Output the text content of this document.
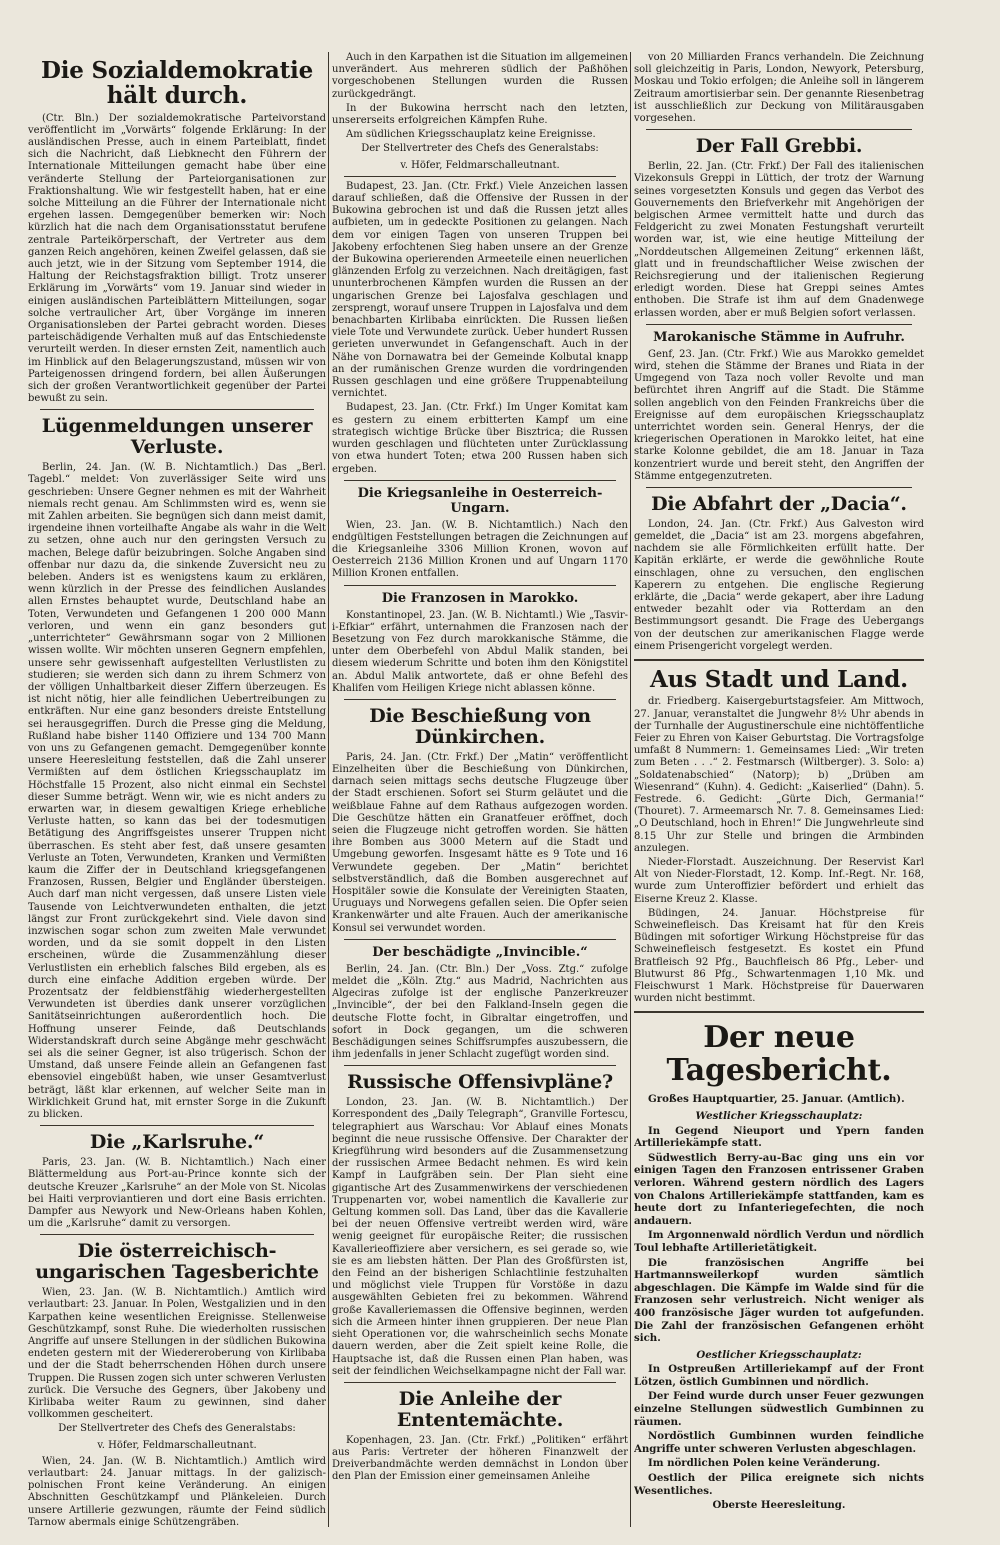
Die Sozialdemokratie hält durch.

(Ctr. Bln.) Der sozialdemokratische Parteivorstand veröffentlicht im „Vorwärts“ folgende Erklärung: In der ausländischen Presse, auch in einem Parteiblatt, findet sich die Nachricht, daß Liebknecht den Führern der Internationale Mitteilungen gemacht habe über eine veränderte Stellung der Parteiorganisationen zur Fraktionshaltung. Wie wir festgestellt haben, hat er eine solche Mitteilung an die Führer der Internationale nicht ergehen lassen. Demgegenüber bemerken wir: Noch kürzlich hat die nach dem Organisationsstatut berufene zentrale Parteikörperschaft, der Vertreter aus dem ganzen Reich angehören, keinen Zweifel gelassen, daß sie auch jetzt, wie in der Sitzung vom September 1914, die Haltung der Reichstagsfraktion billigt. Trotz unserer Erklärung im „Vorwärts“ vom 19. Januar sind wieder in einigen ausländischen Parteiblättern Mitteilungen, sogar solche vertraulicher Art, über Vorgänge im inneren Organisationsleben der Partei gebracht worden. Dieses parteischädigende Verhalten muß auf das Entschiedenste verurteilt werden. In dieser ernsten Zeit, namentlich auch im Hinblick auf den Belagerungszustand, müssen wir von Parteigenossen dringend fordern, bei allen Äußerungen sich der großen Verantwortlichkeit gegenüber der Partei bewußt zu sein.

Lügenmeldungen unserer Verluste.

Berlin, 24. Jan. (W. B. Nichtamtlich.) Das „Berl. Tagebl.“ meldet: Von zuverlässiger Seite wird uns geschrieben: Unsere Gegner nehmen es mit der Wahrheit niemals recht genau. Am Schlimmsten wird es, wenn sie mit Zahlen arbeiten. Sie begnügen sich dann meist damit, irgendeine ihnen vorteilhafte Angabe als wahr in die Welt zu setzen, ohne auch nur den geringsten Versuch zu machen, Belege dafür beizubringen. Solche Angaben sind offenbar nur dazu da, die sinkende Zuversicht neu zu beleben. Anders ist es wenigstens kaum zu erklären, wenn kürzlich in der Presse des feindlichen Auslandes allen Ernstes behauptet wurde, Deutschland habe an Toten, Verwundeten und Gefangenen 1 200 000 Mann verloren, und wenn ein ganz besonders gut „unterrichteter“ Gewährsmann sogar von 2 Millionen wissen wollte. Wir möchten unseren Gegnern empfehlen, unsere sehr gewissenhaft aufgestellten Verlustlisten zu studieren; sie werden sich dann zu ihrem Schmerz von der völligen Unhaltbarkeit dieser Ziffern überzeugen. Es ist nicht nötig, hier alle feindlichen Uebertreibungen zu entkräften. Nur eine ganz besonders dreiste Entstellung sei herausgegriffen. Durch die Presse ging die Meldung, Rußland habe bisher 1140 Offiziere und 134 700 Mann von uns zu Gefangenen gemacht. Demgegenüber konnte unsere Heeresleitung feststellen, daß die Zahl unserer Vermißten auf dem östlichen Kriegsschauplatz im Höchstfalle 15 Prozent, also nicht einmal ein Sechstel dieser Summe beträgt. Wenn wir, wie es nicht anders zu erwarten war, in diesem gewaltigen Kriege erhebliche Verluste hatten, so kann das bei der todesmutigen Betätigung des Angriffsgeistes unserer Truppen nicht überraschen. Es steht aber fest, daß unsere gesamten Verluste an Toten, Verwundeten, Kranken und Vermißten kaum die Ziffer der in Deutschland kriegsgefangenen Franzosen, Russen, Belgier und Engländer übersteigen. Auch darf man nicht vergessen, daß unsere Listen viele Tausende von Leichtverwundeten enthalten, die jetzt längst zur Front zurückgekehrt sind. Viele davon sind inzwischen sogar schon zum zweiten Male verwundet worden, und da sie somit doppelt in den Listen erscheinen, würde die Zusammenzählung dieser Verlustlisten ein erheblich falsches Bild ergeben, als es durch eine einfache Addition ergeben würde. Der Prozentsatz der feldbienstfähig wiederhergestellten Verwundeten ist überdies dank unserer vorzüglichen Sanitätseinrichtungen außerordentlich hoch. Die Hoffnung unserer Feinde, daß Deutschlands Widerstandskraft durch seine Abgänge mehr geschwächt sei als die seiner Gegner, ist also trügerisch. Schon der Umstand, daß unsere Feinde allein an Gefangenen fast ebensoviel eingebüßt haben, wie unser Gesamtverlust beträgt, läßt klar erkennen, auf welcher Seite man in Wirklichkeit Grund hat, mit ernster Sorge in die Zukunft zu blicken.

Die „Karlsruhe.“

Paris, 23. Jan. (W. B. Nichtamtlich.) Nach einer Blättermeldung aus Port-au-Prince konnte sich der deutsche Kreuzer „Karlsruhe“ an der Mole von St. Nicolas bei Haiti verproviantieren und dort eine Basis errichten. Dampfer aus Newyork und New-Orleans haben Kohlen, um die „Karlsruhe“ damit zu versorgen.

Die österreichisch-ungarischen Tagesberichte

Wien, 23. Jan. (W. B. Nichtamtlich.) Amtlich wird verlautbart: 23. Januar. In Polen, Westgalizien und in den Karpathen keine wesentlichen Ereignisse. Stellenweise Geschützkampf, sonst Ruhe. Die wiederholten russischen Angriffe auf unsere Stellungen in der südlichen Bukowina endeten gestern mit der Wiedereroberung von Kirlibaba und der die Stadt beherrschenden Höhen durch unsere Truppen. Die Russen zogen sich unter schweren Verlusten zurück. Die Versuche des Gegners, über Jakobeny und Kirlibaba weiter Raum zu gewinnen, sind daher vollkommen gescheitert.

Der Stellvertreter des Chefs des Generalstabs:

v. Höfer, Feldmarschalleutnant.

Wien, 24. Jan. (W. B. Nichtamtlich.) Amtlich wird verlautbart: 24. Januar mittags. In der galizisch-polnischen Front keine Veränderung. An einigen Abschnitten Geschützkampf und Plänkeleien. Durch unsere Artillerie gezwungen, räumte der Feind südlich Tarnow abermals einige Schützengräben.

Auch in den Karpathen ist die Situation im allgemeinen unverändert. Aus mehreren südlich der Paßhöhen vorgeschobenen Stellungen wurden die Russen zurückgedrängt.

In der Bukowina herrscht nach den letzten, unsererseits erfolgreichen Kämpfen Ruhe.

Am südlichen Kriegsschauplatz keine Ereignisse.

Der Stellvertreter des Chefs des Generalstabs:

v. Höfer, Feldmarschalleutnant.

Budapest, 23. Jan. (Ctr. Frkf.) Viele Anzeichen lassen darauf schließen, daß die Offensive der Russen in der Bukowina gebrochen ist und daß die Russen jetzt alles aufbieten, um in gedeckte Positionen zu gelangen. Nach dem vor einigen Tagen von unseren Truppen bei Jakobeny erfochtenen Sieg haben unsere an der Grenze der Bukowina operierenden Armeeteile einen neuerlichen glänzenden Erfolg zu verzeichnen. Nach dreitägigen, fast ununterbrochenen Kämpfen wurden die Russen an der ungarischen Grenze bei Lajosfalva geschlagen und zersprengt, worauf unsere Truppen in Lajosfalva und dem benachbarten Kirlibaba einrückten. Die Russen ließen viele Tote und Verwundete zurück. Ueber hundert Russen gerieten unverwundet in Gefangenschaft. Auch in der Nähe von Dornawatra bei der Gemeinde Kolbutal knapp an der rumänischen Grenze wurden die vordringenden Russen geschlagen und eine größere Truppenabteilung vernichtet.

Budapest, 23. Jan. (Ctr. Frkf.) Im Unger Komitat kam es gestern zu einem erbitterten Kampf um eine strategisch wichtige Brücke über Bisztrica; die Russen wurden geschlagen und flüchteten unter Zurücklassung von etwa hundert Toten; etwa 200 Russen haben sich ergeben.

Die Kriegsanleihe in Oesterreich-Ungarn.

Wien, 23. Jan. (W. B. Nichtamtlich.) Nach den endgültigen Feststellungen betragen die Zeichnungen auf die Kriegsanleihe 3306 Million Kronen, wovon auf Oesterreich 2136 Million Kronen und auf Ungarn 1170 Million Kronen entfallen.

Die Franzosen in Marokko.

Konstantinopel, 23. Jan. (W. B. Nichtamtl.) Wie „Tasvir-i-Efkiar“ erfährt, unternahmen die Franzosen nach der Besetzung von Fez durch marokkanische Stämme, die unter dem Oberbefehl von Abdul Malik standen, bei diesem wiederum Schritte und boten ihm den Königstitel an. Abdul Malik antwortete, daß er ohne Befehl des Khalifen vom Heiligen Kriege nicht ablassen könne.

Die Beschießung von Dünkirchen.

Paris, 24. Jan. (Ctr. Frkf.) Der „Matin“ veröffentlicht Einzelheiten über die Beschießung von Dünkirchen, darnach seien mittags sechs deutsche Flugzeuge über der Stadt erschienen. Sofort sei Sturm geläutet und die weißblaue Fahne auf dem Rathaus aufgezogen worden. Die Geschütze hätten ein Granatfeuer eröffnet, doch seien die Flugzeuge nicht getroffen worden. Sie hätten ihre Bomben aus 3000 Metern auf die Stadt und Umgebung geworfen. Insgesamt hätte es 9 Tote und 16 Verwundete gegeben. Der „Matin“ berichtet selbstverständlich, daß die Bomben ausgerechnet auf Hospitäler sowie die Konsulate der Vereinigten Staaten, Uruguays und Norwegens gefallen seien. Die Opfer seien Krankenwärter und alte Frauen. Auch der amerikanische Konsul sei verwundet worden.

Der beschädigte „Invincible.“

Berlin, 24. Jan. (Ctr. Bln.) Der „Voss. Ztg.“ zufolge meldet die „Köln. Ztg.“ aus Madrid, Nachrichten aus Algeciras zufolge ist der englische Panzerkreuzer „Invincible“, der bei den Falkland-Inseln gegen die deutsche Flotte focht, in Gibraltar eingetroffen, und sofort in Dock gegangen, um die schweren Beschädigungen seines Schiffsrumpfes auszubessern, die ihm jedenfalls in jener Schlacht zugefügt worden sind.

Russische Offensivpläne?

London, 23. Jan. (W. B. Nichtamtlich.) Der Korrespondent des „Daily Telegraph“, Granville Fortescu, telegraphiert aus Warschau: Vor Ablauf eines Monats beginnt die neue russische Offensive. Der Charakter der Kriegführung wird besonders auf die Zusammensetzung der russischen Armee Bedacht nehmen. Es wird kein Kampf in Laufgräben sein. Der Plan sieht eine gigantische Art des Zusammenwirkens der verschiedenen Truppenarten vor, wobei namentlich die Kavallerie zur Geltung kommen soll. Das Land, über das die Kavallerie bei der neuen Offensive vertreibt werden wird, wäre wenig geeignet für europäische Reiter; die russischen Kavallerieoffiziere aber versichern, es sei gerade so, wie sie es am liebsten hätten. Der Plan des Großfürsten ist, den Feind an der bisherigen Schlachtlinie festzuhalten und möglichst viele Truppen für Vorstöße in dazu ausgewählten Gebieten frei zu bekommen. Während große Kavalleriemassen die Offensive beginnen, werden sich die Armeen hinter ihnen gruppieren. Der neue Plan sieht Operationen vor, die wahrscheinlich sechs Monate dauern werden, aber die Zeit spielt keine Rolle, die Hauptsache ist, daß die Russen einen Plan haben, was seit der feindlichen Weichselkampagne nicht der Fall war.

Die Anleihe der Ententemächte.

Kopenhagen, 23. Jan. (Ctr. Frkf.) „Politiken“ erfährt aus Paris: Vertreter der höheren Finanzwelt der Dreiverbandmächte werden demnächst in London über den Plan der Emission einer gemeinsamen Anleihe

von 20 Milliarden Francs verhandeln. Die Zeichnung soll gleichzeitig in Paris, London, Newyork, Petersburg, Moskau und Tokio erfolgen; die Anleihe soll in längerem Zeitraum amortisierbar sein. Der genannte Riesenbetrag ist ausschließlich zur Deckung von Militärausgaben vorgesehen.

Der Fall Grebbi.

Berlin, 22. Jan. (Ctr. Frkf.) Der Fall des italienischen Vizekonsuls Greppi in Lüttich, der trotz der Warnung seines vorgesetzten Konsuls und gegen das Verbot des Gouvernements den Briefverkehr mit Angehörigen der belgischen Armee vermittelt hatte und durch das Feldgericht zu zwei Monaten Festungshaft verurteilt worden war, ist, wie eine heutige Mitteilung der „Norddeutschen Allgemeinen Zeitung“ erkennen läßt, glatt und in freundschaftlicher Weise zwischen der Reichsregierung und der italienischen Regierung erledigt worden. Diese hat Greppi seines Amtes enthoben. Die Strafe ist ihm auf dem Gnadenwege erlassen worden, aber er muß Belgien sofort verlassen.

Marokanische Stämme in Aufruhr.

Genf, 23. Jan. (Ctr. Frkf.) Wie aus Marokko gemeldet wird, stehen die Stämme der Branes und Riata in der Umgegend von Taza noch voller Revolte und man befürchtet ihren Angriff auf die Stadt. Die Stämme sollen angeblich von den Feinden Frankreichs über die Ereignisse auf dem europäischen Kriegsschauplatz unterrichtet worden sein. General Henrys, der die kriegerischen Operationen in Marokko leitet, hat eine starke Kolonne gebildet, die am 18. Januar in Taza konzentriert wurde und bereit steht, den Angriffen der Stämme entgegenzutreten.

Die Abfahrt der „Dacia“.

London, 24. Jan. (Ctr. Frkf.) Aus Galveston wird gemeldet, die „Dacia“ ist am 23. morgens abgefahren, nachdem sie alle Förmlichkeiten erfüllt hatte. Der Kapitän erklärte, er werde die gewöhnliche Route einschlagen, ohne zu versuchen, den englischen Kaperern zu entgehen. Die englische Regierung erklärte, die „Dacia“ werde gekapert, aber ihre Ladung entweder bezahlt oder via Rotterdam an den Bestimmungsort gesandt. Die Frage des Uebergangs von der deutschen zur amerikanischen Flagge werde einem Prisengericht vorgelegt werden.

Aus Stadt und Land.

dr. Friedberg. Kaisergeburtstagsfeier. Am Mittwoch, 27. Januar, veranstaltet die Jungwehr 8½ Uhr abends in der Turnhalle der Augustinerschule eine nichtöffentliche Feier zu Ehren von Kaiser Geburtstag. Die Vortragsfolge umfaßt 8 Nummern: 1. Gemeinsames Lied: „Wir treten zum Beten . . .“ 2. Festmarsch (Wiltberger). 3. Solo: a) „Soldatenabschied“ (Natorp); b) „Drüben am Wiesenrand“ (Kuhn). 4. Gedicht: „Kaiserlied“ (Dahn). 5. Festrede. 6. Gedicht: „Gürte Dich, Germania!“ (Thouret). 7. Armeemarsch Nr. 7. 8. Gemeinsames Lied: „O Deutschland, hoch in Ehren!“ Die Jungwehrleute sind 8.15 Uhr zur Stelle und bringen die Armbinden anzulegen.

Nieder-Florstadt. Auszeichnung. Der Reservist Karl Alt von Nieder-Florstadt, 12. Komp. Inf.-Regt. Nr. 168, wurde zum Unteroffizier befördert und erhielt das Eiserne Kreuz 2. Klasse.

Büdingen, 24. Januar. Höchstpreise für Schweinefleisch. Das Kreisamt hat für den Kreis Büdingen mit sofortiger Wirkung Höchstpreise für das Schweinefleisch festgesetzt. Es kostet ein Pfund Bratfleisch 92 Pfg., Bauchfleisch 86 Pfg., Leber- und Blutwurst 86 Pfg., Schwartenmagen 1,10 Mk. und Fleischwurst 1 Mark. Höchstpreise für Dauerwaren wurden nicht bestimmt.

Der neue Tagesbericht.

Großes Hauptquartier, 25. Januar. (Amtlich).

Westlicher Kriegsschauplatz:

In Gegend Nieuport und Ypern fanden Artilleriekämpfe statt.

Südwestlich Berry-au-Bac ging uns ein vor einigen Tagen den Franzosen entrissener Graben verloren. Während gestern nördlich des Lagers von Chalons Artilleriekämpfe stattfanden, kam es heute dort zu Infanteriegefechten, die noch andauern.

Im Argonnenwald nördlich Verdun und nördlich Toul lebhafte Artillerietätigkeit.

Die französischen Angriffe bei Hartmannsweilerkopf wurden sämtlich abgeschlagen. Die Kämpfe im Walde sind für die Franzosen sehr verlustreich. Nicht weniger als 400 französische Jäger wurden tot aufgefunden. Die Zahl der französischen Gefangenen erhöht sich.

Oestlicher Kriegsschauplatz:

In Ostpreußen Artilleriekampf auf der Front Lötzen, östlich Gumbinnen und nördlich.

Der Feind wurde durch unser Feuer gezwungen einzelne Stellungen südwestlich Gumbinnen zu räumen.

Nordöstlich Gumbinnen wurden feindliche Angriffe unter schweren Verlusten abgeschlagen.

Im nördlichen Polen keine Veränderung.

Oestlich der Pilica ereignete sich nichts Wesentliches.

Oberste Heeresleitung.
